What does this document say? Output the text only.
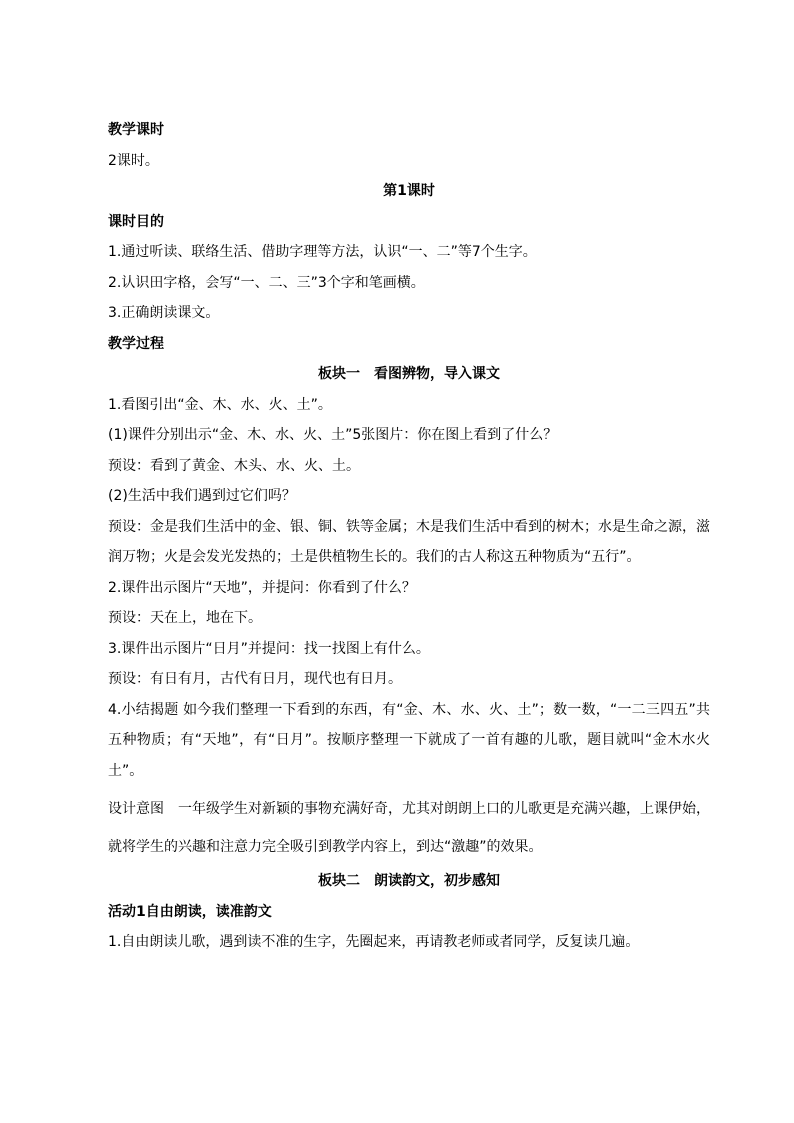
教学课时

2课时。

第1课时

课时目的

1.通过听读、联络生活、借助字理等方法，认识“一、二”等7个生字。

2.认识田字格，会写“一、二、三”3个字和笔画横。

3.正确朗读课文。

教学过程

板块一　看图辨物，导入课文

1.看图引出“金、木、水、火、土”。

(1)课件分别出示“金、木、水、火、土”5张图片：你在图上看到了什么？

预设：看到了黄金、木头、水、火、土。

(2)生活中我们遇到过它们吗？

预设：金是我们生活中的金、银、铜、铁等金属；木是我们生活中看到的树木；水是生命之源，滋润万物；火是会发光发热的；土是供植物生长的。我们的古人称这五种物质为“五行”。

2.课件出示图片“天地”，并提问：你看到了什么？

预设：天在上，地在下。

3.课件出示图片“日月”并提问：找一找图上有什么。

预设：有日有月，古代有日月，现代也有日月。

4.小结揭题 如今我们整理一下看到的东西，有“金、木、水、火、土”；数一数，“一二三四五”共五种物质；有“天地”，有“日月”。按顺序整理一下就成了一首有趣的儿歌，题目就叫“金木水火土”。

设计意图　一年级学生对新颖的事物充满好奇，尤其对朗朗上口的儿歌更是充满兴趣，上课伊始，就将学生的兴趣和注意力完全吸引到教学内容上，到达“激趣”的效果。

板块二　朗读韵文，初步感知

活动1自由朗读，读准韵文

1.自由朗读儿歌，遇到读不准的生字，先圈起来，再请教老师或者同学，反复读几遍。
